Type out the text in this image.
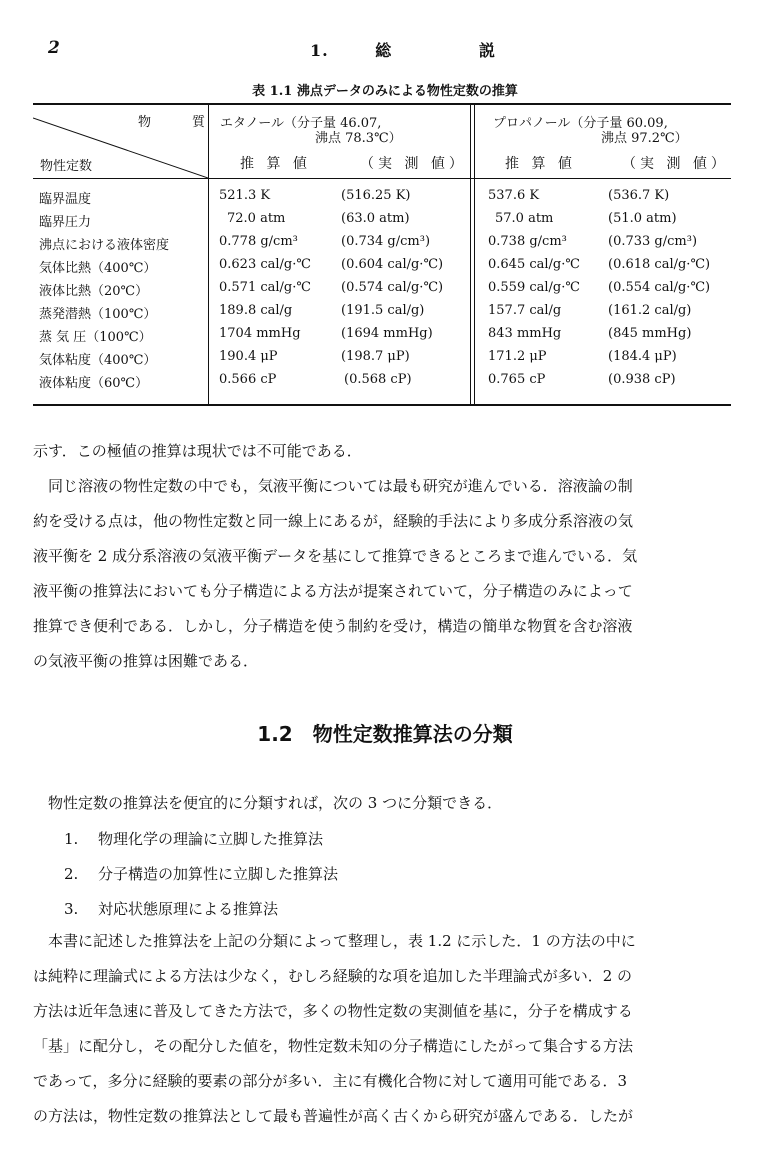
2	1.	総	説
表 1.1 沸点データのみによる物性定数の推算
物　質
物性定数
エタノール（分子量 46.07,
沸点 78.3℃）
プロパノール（分子量 60.09,
沸点 97.2℃）
推 算 値	（実 測 値）	推 算 値	（実 測 値）
臨界温度	521.3 K	(516.25 K)	537.6 K	(536.7 K)
臨界圧力	72.0 atm	(63.0 atm)	57.0 atm	(51.0 atm)
沸点における液体密度	0.778 g/cm³	(0.734 g/cm³)	0.738 g/cm³	(0.733 g/cm³)
気体比熱（400℃）	0.623 cal/g·℃ (0.604 cal/g·℃)	0.645 cal/g·℃ (0.618 cal/g·℃)
液体比熱（20℃）	0.571 cal/g·℃ (0.574 cal/g·℃)	0.559 cal/g·℃ (0.554 cal/g·℃)
蒸発潜熱（100℃）	189.8 cal/g	(191.5 cal/g)	157.7 cal/g	(161.2 cal/g)
蒸 気 圧（100℃）	1704 mmHg	(1694 mmHg)	843 mmHg	(845 mmHg)
気体粘度（400℃）	190.4 μP	(198.7 μP)	171.2 μP	(184.4 μP)
液体粘度（60℃）	0.566 cP	(0.568 cP)	0.765 cP	(0.938 cP)

示す．この極値の推算は現状では不可能である．

同じ溶液の物性定数の中でも，気液平衡については最も研究が進んでいる．溶液論の制

約を受ける点は，他の物性定数と同一線上にあるが，経験的手法により多成分系溶液の気

液平衡を 2 成分系溶液の気液平衡データを基にして推算できるところまで進んでいる．気

液平衡の推算法においても分子構造による方法が提案されていて，分子構造のみによって

推算でき便利である．しかし，分子構造を使う制約を受け，構造の簡単な物質を含む溶液

の気液平衡の推算は困難である．

1.2　物性定数推算法の分類

物性定数の推算法を便宜的に分類すれば，次の 3 つに分類できる．

1. 物理化学の理論に立脚した推算法
2. 分子構造の加算性に立脚した推算法
3. 対応状態原理による推算法

本書に記述した推算法を上記の分類によって整理し，表 1.2 に示した．1 の方法の中に

は純粋に理論式による方法は少なく，むしろ経験的な項を追加した半理論式が多い．2 の

方法は近年急速に普及してきた方法で，多くの物性定数の実測値を基に，分子を構成する

「基」に配分し，その配分した値を，物性定数未知の分子構造にしたがって集合する方法

であって，多分に経験的要素の部分が多い．主に有機化合物に対して適用可能である．3

の方法は，物性定数の推算法として最も普遍性が高く古くから研究が盛んである．したが
